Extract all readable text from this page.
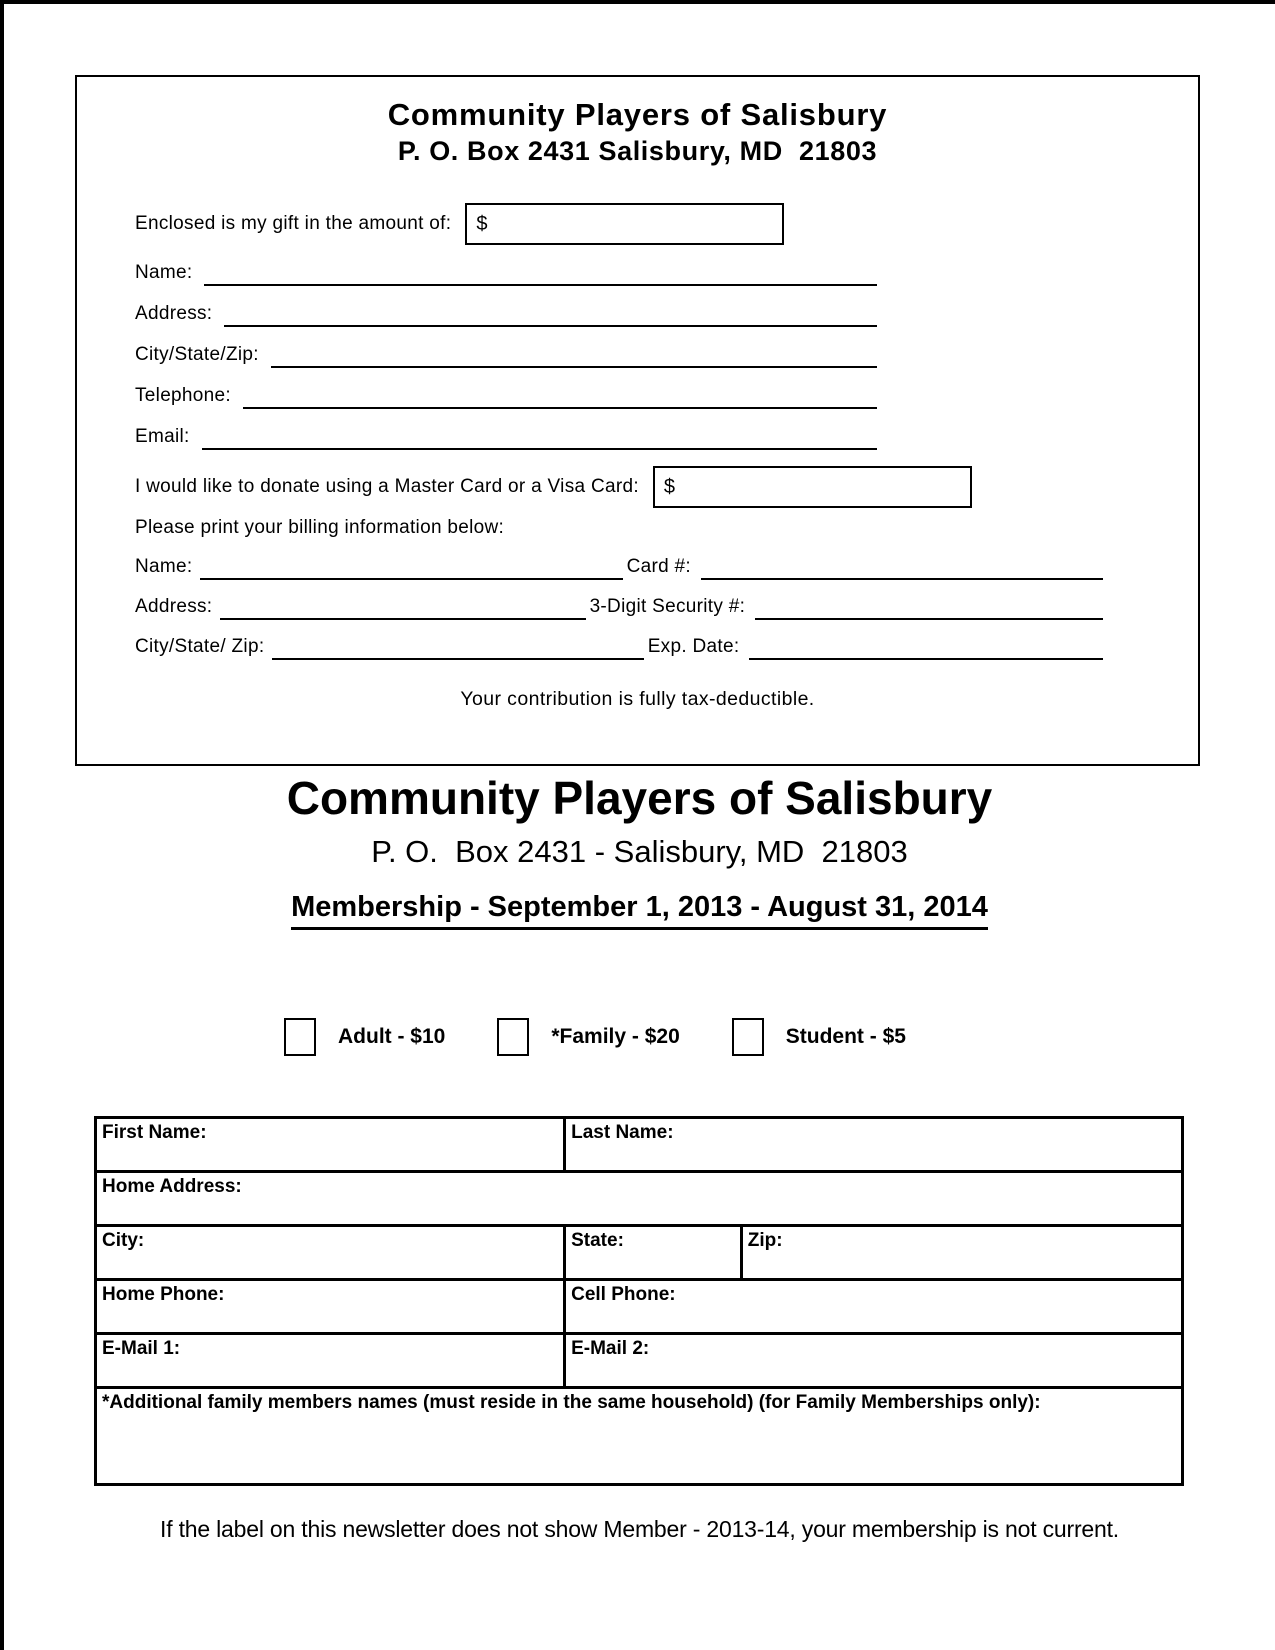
Community Players of Salisbury
P. O. Box 2431 Salisbury, MD  21803
Enclosed is my gift in the amount of: $
Name:
Address:
City/State/Zip:
Telephone:
Email:
I would like to donate using a Master Card or a Visa Card: $
Please print your billing information below:
Name:	Card #:
Address:	3-Digit Security #:
City/State/ Zip:	Exp. Date:
Your contribution is fully tax-deductible.
Community Players of Salisbury
P. O.  Box 2431 - Salisbury, MD  21803
Membership - September 1, 2013 - August 31, 2014
Adult - $10	*Family - $20	Student - $5
First Name:	Last Name:
Home Address:
City:	State:	Zip:
Home Phone:	Cell Phone:
E-Mail 1:	E-Mail 2:
*Additional family members names (must reside in the same household) (for Family Memberships only):
If the label on this newsletter does not show Member - 2013-14, your membership is not current.
